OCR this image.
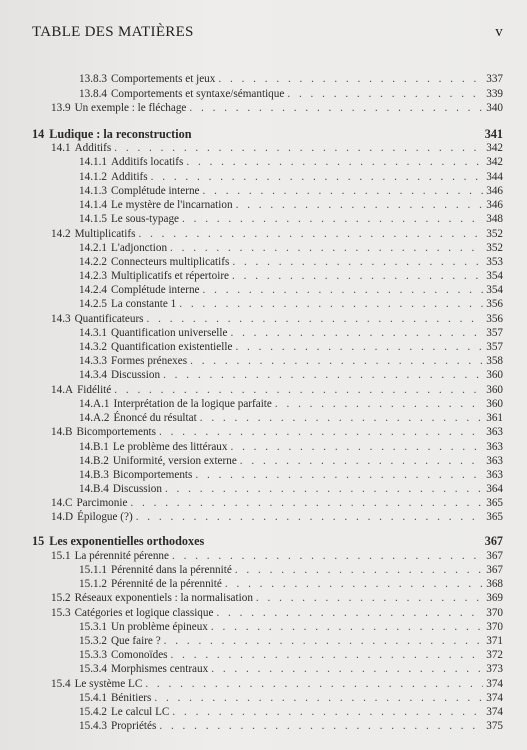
TABLE DES MATIÈRES	v
13.8.3 Comportements et jeux . . .	337
13.8.4 Comportements et syntaxe/sémantique . . .	339
13.9 Un exemple : le fléchage . . .	340
14 Ludique : la reconstruction	341
14.1 Additifs . . .	342
14.1.1 Additifs locatifs . . .	342
14.1.2 Additifs . . .	344
14.1.3 Complétude interne . . .	346
14.1.4 Le mystère de l'incarnation . . .	346
14.1.5 Le sous-typage . . .	348
14.2 Multiplicatifs . . .	352
14.2.1 L'adjonction . . .	352
14.2.2 Connecteurs multiplicatifs . . .	353
14.2.3 Multiplicatifs et répertoire . . .	354
14.2.4 Complétude interne . . .	354
14.2.5 La constante 1 . . .	356
14.3 Quantificateurs . . .	356
14.3.1 Quantification universelle . . .	357
14.3.2 Quantification existentielle . . .	357
14.3.3 Formes prénexes . . .	358
14.3.4 Discussion . . .	360
14.A Fidélité . . .	360
14.A.1 Interprétation de la logique parfaite . . .	360
14.A.2 Énoncé du résultat . . .	361
14.B Bicomportements . . .	363
14.B.1 Le problème des littéraux . . .	363
14.B.2 Uniformité, version externe . . .	363
14.B.3 Bicomportements . . .	363
14.B.4 Discussion . . .	364
14.C Parcimonie . . .	365
14.D Épilogue (?) . . .	365
15 Les exponentielles orthodoxes	367
15.1 La pérennité pérenne . . .	367
15.1.1 Pérennité dans la pérennité . . .	367
15.1.2 Pérennité de la pérennité . . .	368
15.2 Réseaux exponentiels : la normalisation . . .	369
15.3 Catégories et logique classique . . .	370
15.3.1 Un problème épineux . . .	370
15.3.2 Que faire ? . . .	371
15.3.3 Comonoïdes . . .	372
15.3.4 Morphismes centraux . . .	373
15.4 Le système LC . . .	374
15.4.1 Bénitiers . . .	374
15.4.2 Le calcul LC . . .	374
15.4.3 Propriétés . . .	375
